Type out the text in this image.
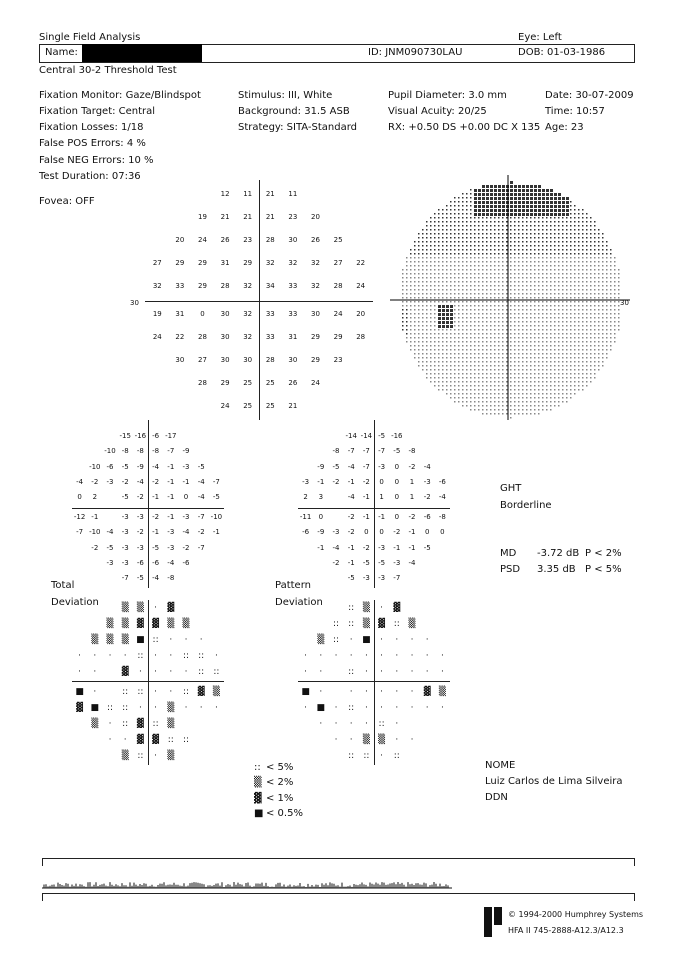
Single Field Analysis	Eye: Left
Name:	ID: JNM090730LAU	DOB: 01-03-1986
Central 30-2 Threshold Test
Fixation Monitor: Gaze/Blindspot
Fixation Target: Central
Fixation Losses: 1/18
False POS Errors: 4 %
False NEG Errors: 10 %
Test Duration: 07:36
Fovea: OFF
Stimulus: III, White
Background: 31.5 ASB
Strategy: SITA-Standard
Pupil Diameter: 3.0 mm
Visual Acuity: 20/25
RX: +0.50 DS +0.00 DC X 135
Date: 30-07-2009
Time: 10:57
Age: 23
12	11	21	11
19	21	21	21	23	20
20	24	26	23	28	30	26	25
27	29	29	31	29	32	32	32	27	22
32	33	29	28	32	34	33	32	28	24
19	31	0	30	32	33	33	30	24	20
24	22	28	30	32	33	31	29	29	28
30	27	30	30	28	30	29	23
28	29	25	25	26	24
24	25	25	21
30	30
-15 -16 -6 -17
-10 -8	-8	-8	-7	-9
-10 -6	-5	-9	-4	-1	-3	-5
-4	-2	-3	-2	-4	-2	-1	-1	-4	-7
0	2	-5	-2	-1	-1	0	-4	-5
-12 -1	-3	-3	-2	-1	-3	-7 -10
-7 -10 -4	-3	-2	-1	-3	-4	-2	-1
-2	-5	-3	-3	-5	-3	-2	-7
-3	-3	-6	-6	-4	-6
-7	-5	-4	-8
-14 -14 -5 -16
-8	-7	-7	-7	-5	-8
-9	-5	-4	-7	-3	0	-2	-4
-3	-1	-2	-1	-2	0	0	1	-3	-6
2	3	-4	-1	1	0	1	-2	-4
-11	0	-2	-1	-1	0	-2	-6	-8
-6	-9	-3	-2	0	0	-2	-1	0	0
-1	-4	-1	-2	-3	-1	-1	-5
-2	-1	-5	-5	-3	-4
-5	-3	-3	-7
Total
Deviation	▒ ▒	·	▓
▒ ▒ ▓ ▓ ▒ ▒
▒ ▒ ▒ ■ ::	·	·	·
·	·	·	·	::	·	·	::	::	·
·	·	▓	·	·	·	·	::	::
■	·	::	::	·	·	:: ▓ ▒
▓ ■ ::	::	·	·	▒	·	·	·
▒	·	:: ▓ :: ▒
·	·	▓ ▓ ::	::
▒ ::	·	▒
Pattern
Deviation	:: ▒	·	▓
::	:: ▒ ▓ :: ▒
▒ ::	·	■	·	·	·	·
·	·	·	·	·	·	·	·	·	·
·	·	::	·	·	·	·	·	·
■	·	·	·	·	·	·	▓ ▒
·	■	·	::	·	·	·	·	·	·
·	·	·	·	::	·
·	·	▒ ▒	·	·
::	::	·	::
:: < 5%
▒ < 2%
▓ < 1%
■ < 0.5%
GHT
Borderline
MD -3.72 dB P < 2%
PSD 3.35 dB P < 5%
NOME
Luiz Carlos de Lima Silveira
DDN
© 1994-2000 Humphrey Systems
HFA II 745-2888-A12.3/A12.3
